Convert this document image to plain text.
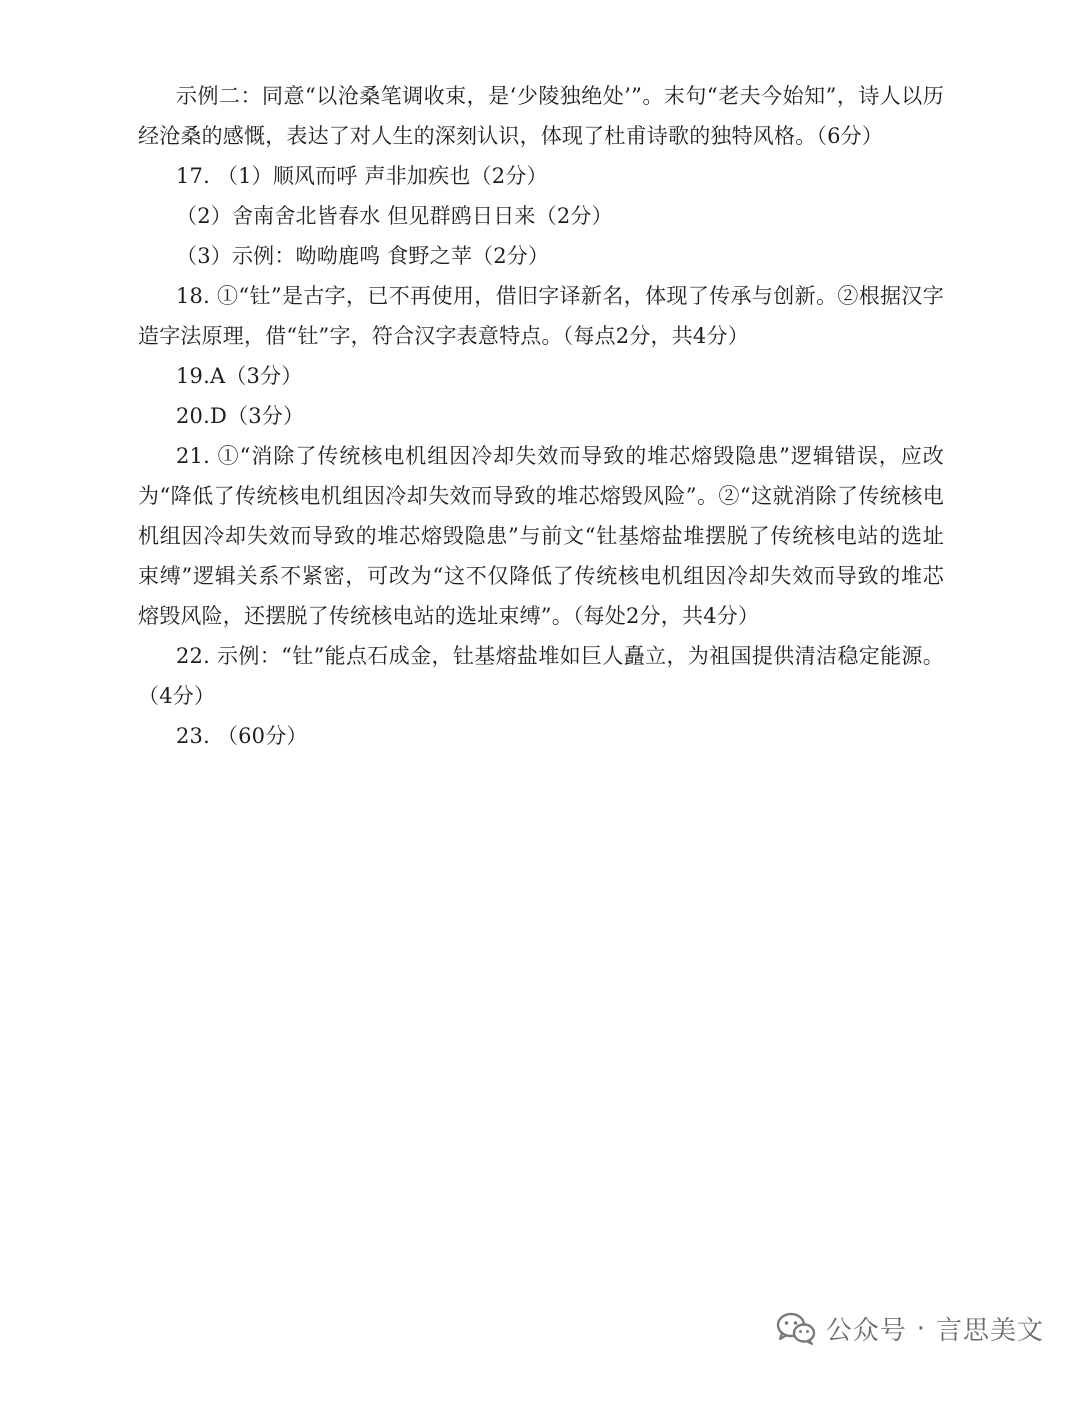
示例二：同意“以沧桑笔调收束，是‘少陵独绝处’”。末句“老夫今始知”，诗人以历经沧桑的感慨，表达了对人生的深刻认识，体现了杜甫诗歌的独特风格。（6分）

17. （1）顺风而呼 声非加疾也（2分）

（2）舍南舍北皆春水 但见群鸥日日来（2分）

（3）示例：呦呦鹿鸣 食野之苹（2分）

18. ①“钍”是古字，已不再使用，借旧字译新名，体现了传承与创新。②根据汉字造字法原理，借“钍”字，符合汉字表意特点。（每点2分，共4分）

19.A（3分）

20.D（3分）

21. ①“消除了传统核电机组因冷却失效而导致的堆芯熔毁隐患”逻辑错误，应改为“降低了传统核电机组因冷却失效而导致的堆芯熔毁风险”。②“这就消除了传统核电机组因冷却失效而导致的堆芯熔毁隐患”与前文“钍基熔盐堆摆脱了传统核电站的选址束缚”逻辑关系不紧密，可改为“这不仅降低了传统核电机组因冷却失效而导致的堆芯熔毁风险，还摆脱了传统核电站的选址束缚”。（每处2分，共4分）

22. 示例：“钍”能点石成金，钍基熔盐堆如巨人矗立，为祖国提供清洁稳定能源。（4分）

23. （60分）

公众号 · 言思美文
